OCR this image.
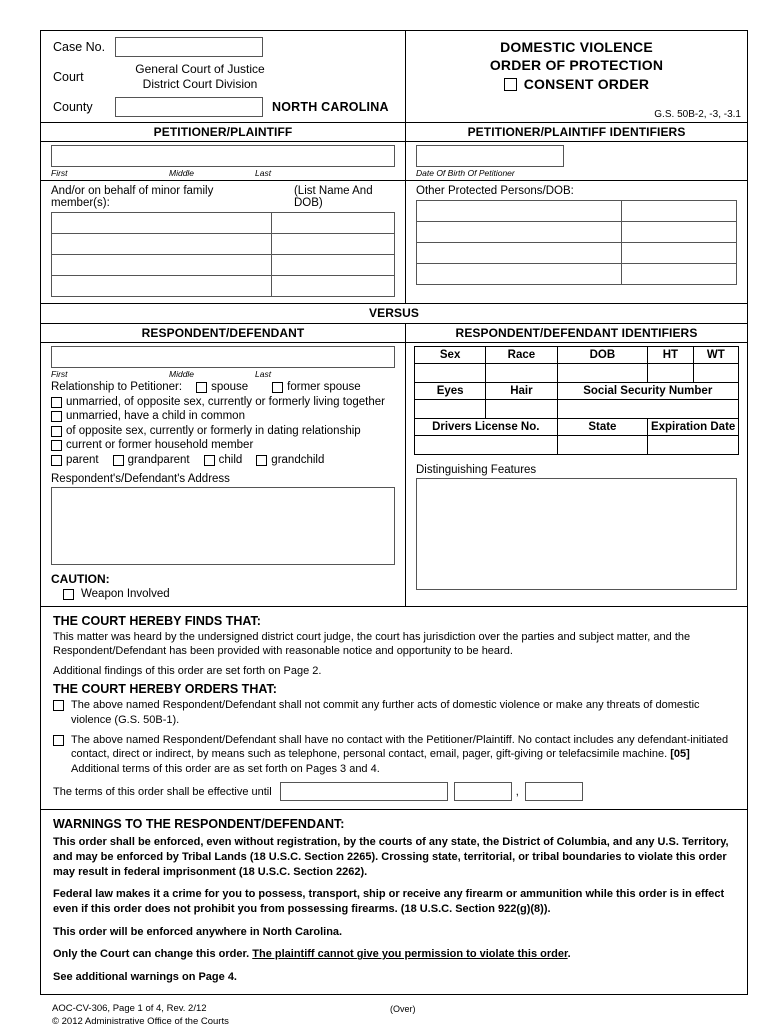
Case No.
Court
General Court of Justice
District Court Division
County	NORTH CAROLINA
DOMESTIC VIOLENCE
ORDER OF PROTECTION
CONSENT ORDER
G.S. 50B-2, -3, -3.1
PETITIONER/PLAINTIFF	PETITIONER/PLAINTIFF IDENTIFIERS
First	Middle	Last	Date Of Birth Of Petitioner
And/or on behalf of minor family member(s):
(List Name And DOB)

Other Protected Persons/DOB:

VERSUS
RESPONDENT/DEFENDANT	RESPONDENT/DEFENDANT IDENTIFIERS
First	Middle	Last
Relationship to Petitioner:	spouse	former spouse
unmarried, of opposite sex, currently or formerly living together
unmarried, have a child in common
of opposite sex, currently or formerly in dating relationship
current or former household member
parent	grandparent	child	grandchild
Respondent's/Defendant's Address
CAUTION:
Weapon Involved
Sex	Race	DOB	HT	WT

Eyes	Hair	Social Security Number		

Drivers License No.		State	Expiration Date	

Distinguishing Features
THE COURT HEREBY FINDS THAT:
This matter was heard by the undersigned district court judge, the court has jurisdiction over the parties and subject matter, and the Respondent/Defendant has been provided with reasonable notice and opportunity to be heard.
Additional findings of this order are set forth on Page 2.
THE COURT HEREBY ORDERS THAT:
The above named Respondent/Defendant shall not commit any further acts of domestic violence or make any threats of domestic violence (G.S. 50B-1).
The above named Respondent/Defendant shall have no contact with the Petitioner/Plaintiff. No contact includes any defendant-initiated contact, direct or indirect, by means such as telephone, personal contact, email, pager, gift-giving or telefacsimile machine. [05]
Additional terms of this order are as set forth on Pages 3 and 4.
The terms of this order shall be effective until	,
WARNINGS TO THE RESPONDENT/DEFENDANT:

This order shall be enforced, even without registration, by the courts of any state, the District of Columbia, and any U.S. Territory, and may be enforced by Tribal Lands (18 U.S.C. Section 2265). Crossing state, territorial, or tribal boundaries to violate this order may result in federal imprisonment (18 U.S.C. Section 2262).

Federal law makes it a crime for you to possess, transport, ship or receive any firearm or ammunition while this order is in effect even if this order does not prohibit you from possessing firearms. (18 U.S.C. Section 922(g)(8)).

This order will be enforced anywhere in North Carolina.

Only the Court can change this order. The plaintiff cannot give you permission to violate this order.

See additional warnings on Page 4.

AOC-CV-306, Page 1 of 4, Rev. 2/12
© 2012 Administrative Office of the Courts
(Over)
